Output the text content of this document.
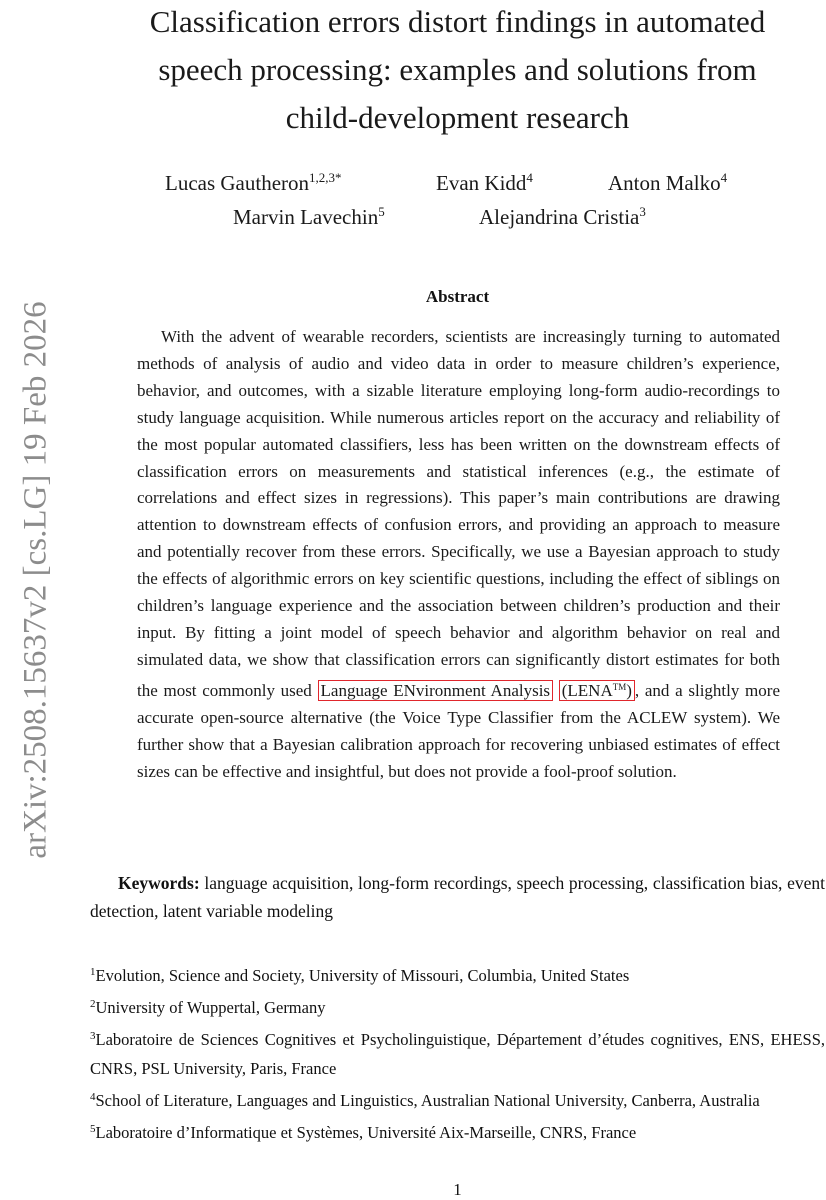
Classification errors distort findings in automated
speech processing: examples and solutions from
child-development research
Lucas Gautheron$^{1,2,3*}$	Evan Kidd$^4$	Anton Malko$^4$
Marvin Lavechin$^5$	Alejandrina Cristia$^3$
arXiv:2508.15637v2 [cs.LG] 19 Feb 2026
Abstract
With the advent of wearable recorders, scientists are increasingly turning to automated methods of analysis of audio and video data in order to measure children’s experience, behavior, and outcomes, with a sizable literature employing long-form audio-recordings to study language acquisition. While numerous articles report on the accuracy and reliability of the most popular automated classifiers, less has been written on the downstream effects of classification errors on measurements and statistical inferences (e.g., the estimate of correlations and effect sizes in regressions). This paper’s main contributions are drawing attention to downstream effects of confusion errors, and providing an approach to measure and potentially recover from these errors. Specifically, we use a Bayesian approach to study the effects of algorithmic errors on key scientific questions, including the effect of siblings on children’s language experience and the association between children’s production and their input. By fitting a joint model of speech behavior and algorithm behavior on real and simulated data, we show that classification errors can significantly distort estimates for both the most commonly used Language ENvironment Analysis (LENA™) , and a slightly more accurate open-source alternative (the Voice Type Classifier from the ACLEW system). We further show that a Bayesian calibration approach for recovering unbiased estimates of effect sizes can be effective and insightful, but does not provide a fool-proof solution.
Keywords: language acquisition, long-form recordings, speech processing, classification bias, event detection, latent variable modeling
$^1$Evolution, Science and Society, University of Missouri, Columbia, United States
$^2$University of Wuppertal, Germany
$^3$Laboratoire de Sciences Cognitives et Psycholinguistique, Département d’études cognitives, ENS, EHESS, CNRS, PSL University, Paris, France
$^4$School of Literature, Languages and Linguistics, Australian National University, Canberra, Australia
$^5$Laboratoire d’Informatique et Systèmes, Université Aix-Marseille, CNRS, France
1
